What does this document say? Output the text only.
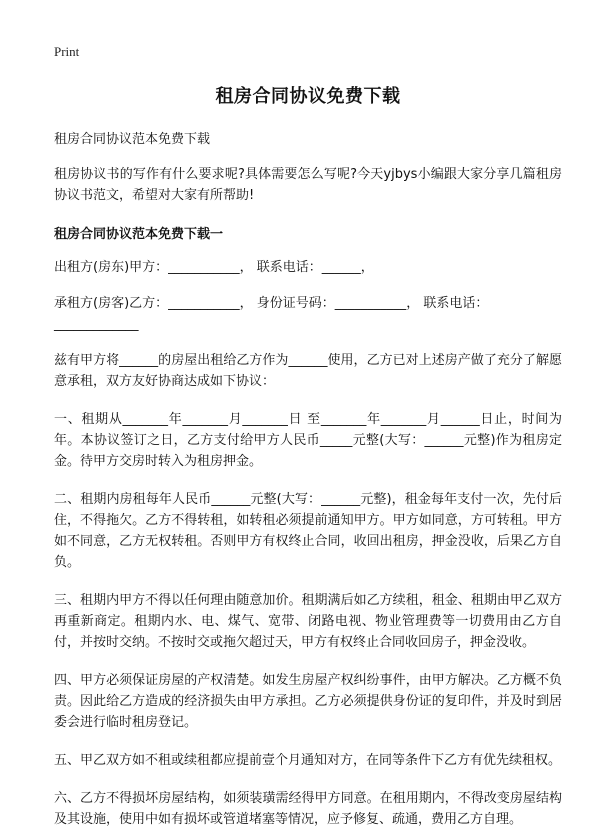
Print
租房合同协议免费下载

租房合同协议范本免费下载

租房协议书的写作有什么要求呢?具体需要怎么写呢?今天yjbys小编跟大家分享几篇租房协议书范文，希望对大家有所帮助!

租房合同协议范本免费下载一

出租方(房东)甲方：___________， 联系电话：______，

承租方(房客)乙方：___________， 身份证号码：___________， 联系电话：_____________

兹有甲方将______的房屋出租给乙方作为______使用，乙方已对上述房产做了充分了解愿意承租，双方友好协商达成如下协议：

一、租期从_______年_______月_______日 至_______年_______月______日止，时间为年。本协议签订之日，乙方支付给甲方人民币_____元整(大写：______元整)作为租房定金。待甲方交房时转入为租房押金。

二、租期内房租每年人民币______元整(大写：______元整)，租金每年支付一次，先付后住，不得拖欠。乙方不得转租，如转租必须提前通知甲方。甲方如同意，方可转租。甲方如不同意，乙方无权转租。否则甲方有权终止合同，收回出租房，押金没收，后果乙方自负。

三、租期内甲方不得以任何理由随意加价。租期满后如乙方续租，租金、租期由甲乙双方再重新商定。租期内水、电、煤气、宽带、闭路电视、物业管理费等一切费用由乙方自付，并按时交纳。不按时交或拖欠超过天，甲方有权终止合同收回房子，押金没收。

四、甲方必须保证房屋的产权清楚。如发生房屋产权纠纷事件，由甲方解决。乙方概不负责。因此给乙方造成的经济损失由甲方承担。乙方必须提供身份证的复印件，并及时到居委会进行临时租房登记。

五、甲乙双方如不租或续租都应提前壹个月通知对方，在同等条件下乙方有优先续租权。

六、乙方不得损坏房屋结构，如须装璜需经得甲方同意。在租用期内，不得改变房屋结构及其设施，使用中如有损坏或管道堵塞等情况，应予修复、疏通，费用乙方自理。
